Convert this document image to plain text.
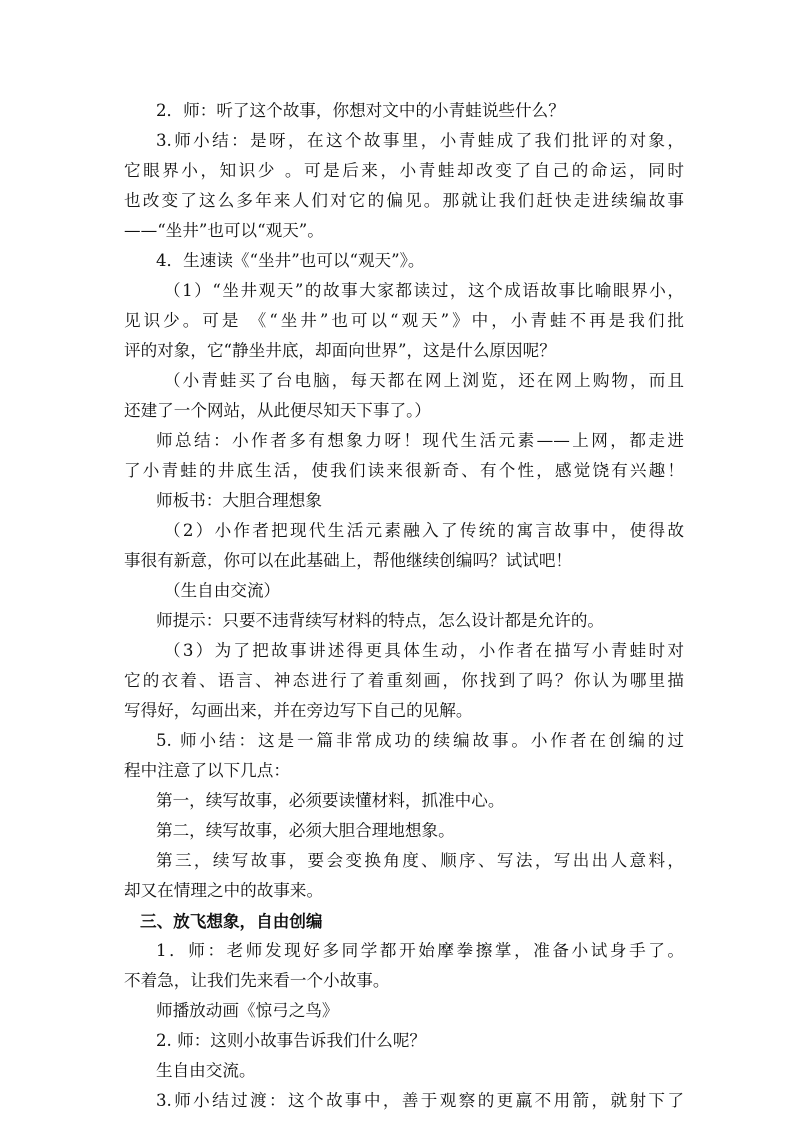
2．师：听了这个故事，你想对文中的小青蛙说些什么？
3.师小结：是呀，在这个故事里，小青蛙成了我们批评的对象，
它眼界小，知识少 。可是后来，小青蛙却改变了自己的命运，同时
也改变了这么多年来人们对它的偏见。那就让我们赶快走进续编故事
——“坐井”也可以“观天”。
4．生速读《“坐井”也可以“观天”》。
（1）“坐井观天”的故事大家都读过，这个成语故事比喻眼界小，
见识少。可是 《“坐井”也可以“观天”》中，小青蛙不再是我们批
评的对象，它“静坐井底，却面向世界”，这是什么原因呢？
（小青蛙买了台电脑，每天都在网上浏览，还在网上购物，而且
还建了一个网站，从此便尽知天下事了。）
师总结：小作者多有想象力呀！现代生活元素——上网，都走进
了小青蛙的井底生活，使我们读来很新奇、有个性，感觉饶有兴趣！
师板书：大胆合理想象
（2）小作者把现代生活元素融入了传统的寓言故事中，使得故
事很有新意，你可以在此基础上，帮他继续创编吗？试试吧！
（生自由交流）
师提示：只要不违背续写材料的特点，怎么设计都是允许的。
（3）为了把故事讲述得更具体生动，小作者在描写小青蛙时对
它的衣着、语言、神态进行了着重刻画，你找到了吗？你认为哪里描
写得好，勾画出来，并在旁边写下自己的见解。
5. 师小结：这是一篇非常成功的续编故事。小作者在创编的过
程中注意了以下几点：
第一，续写故事，必须要读懂材料，抓准中心。
第二，续写故事，必须大胆合理地想象。
第三，续写故事，要会变换角度、顺序、写法，写出出人意料，
却又在情理之中的故事来。
三、放飞想象，自由创编
1．师：老师发现好多同学都开始摩拳擦掌，准备小试身手了。
不着急，让我们先来看一个小故事。
师播放动画《惊弓之鸟》
2. 师：这则小故事告诉我们什么呢？
生自由交流。
3.师小结过渡：这个故事中，善于观察的更羸不用箭，就射下了
